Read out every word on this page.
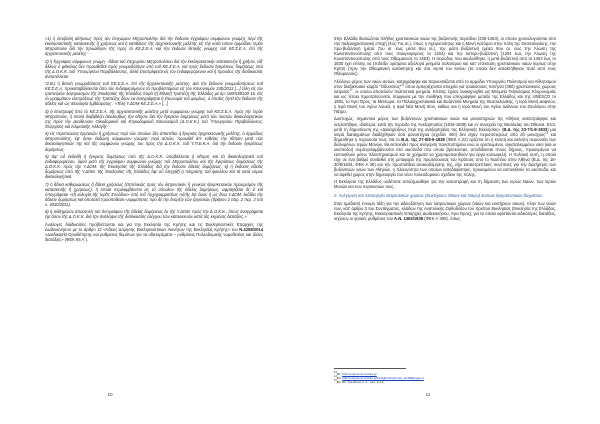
«1) ἡ ὑποβολὴ αἰτήσεως πρὸς τὸν ἐπιχώριον Μητροπολίτην διὰ τὴν ἔκδοσιν ἐγγράφου συμφώνου γνώμης περὶ τῆς ἐκκλησιαστικῆς κατασκευῆς ἢ χρήσεως καὶ ἡ κατάθεσις τῆς ἀρχιτεκτονικῆς μελέτης εἰς τὴν κατὰ τόπον ἁρμοδίαν Ἱερὰν Μητρόπολιν διὰ τὴν προώθησιν τῆς πρὸς τὸ ΚΕ.Σ.Ε.Α. καὶ τὴν ἔκδοσιν θετικῆς γνώμης τοῦ ΚΕ.Σ.Ε.Α. ἐπὶ τῆς ἀρχιτεκτονικῆς μελέτης·

2) ἡ ἔγγραφος σύμφωνος γνώμη - ἄδεια τοῦ ἐπιχωρίου Μητροπολίτου διὰ τὴν ἐκκλησιαστικὴν κατασκευὴν ἢ χρῆσιν, εἰδ' ἄλλως ὁ φάκελος δὲν προωθεῖται πρὸς γνωμοδότησιν ὑπὸ τοῦ ΚΕ.Σ.Ε.Α. καὶ πρὸς ἔκδοσιν ἐγκρίσεως δομήσεως ὑπὸ τῆς Δ.Ο.Κ.Κ. τοῦ Ὑπουργείου Περιβάλλοντος, ἀλλὰ ἐπιστρέφεται εἰς τὸν ἐνδιαφερόμενον καὶ ἡ πρόοδος τῆς διαδικασίας ἀναστέλλεται·

*2.Β.) ἡ θετικὴ γνωμοδότησις τοῦ ΚΕ.Σ.Ε.Α. ἐπὶ τῆς ἀρχιτεκτονικῆς μελέτης. Διὰ τὴν ἔκδοσιν γνωμοδοτήσεως τοῦ ΚΕ.Σ.Ε.Α. προκαταβάλλονται ἀπὸ τὸν ἐνδιαφερόμενον τὰ προβλεπόμενα εἰς τὸν Κανονισμὸν 245/2013 [...] τέλη εἰς τὸν τραπεζικὸν λογαριασμὸν τῆς Ἐκκλησίας τῆς Ἑλλάδος παρὰ τῇ Ἐθνικῇ Τραπέζῃ τῆς Ἑλλάδος μὲ ἀρ. 040/558100-16. Εἰς τὸ γραμμάτιον εἰσπράξεως τῆς Τραπέζης δέον να ἀναγράφηται ἡ ἐπωνυμία τοῦ φορέως, ὁ ὁποῖος ζητεῖ τὴν ἔκδοσιν τῆς ἀδείας καὶ ὡς αἰτιολογία ἐμβάσματος : «Τέλη Υ.ΔΟΜ-ΚΕ.Σ.Ε.Α.» [...]

3) ἡ ἐπιστροφὴ ἀπὸ τὸ ΚΕ.Σ.Ε.Α. τῆς ἀρχιτεκτονικῆς μελέτης μετὰ συμφώνου γνώμης τοῦ ΚΕ.Σ.Ε.Α. πρὸς τὴν Ἱερὰν Μητρόπολιν, ἡ ὁποία διαβιβάζει ἀκολούθως τὴν αἴτησιν διὰ τὴν ἔγκρισιν δομήσεως μετὰ τῶν λοιπῶν δικαιολογητικῶν της πρὸς τὴν Διεύθυνσιν Οἰκοδομικοῦ καὶ Κτιριοδομικοῦ Κανονισμοῦ (Δ.Ο.Κ.Κ.) τοῦ Ὑπουργείου Περιβάλλοντος, Ἐνεργείας καὶ Κλιματικῆς Ἀλλαγῆς·

4) εἰς περιπτώσεις ἐργασιῶν ἢ χρήσεως περὶ τῶν ὁποίων δὲν ἀπαιτεῖται ἡ ἔγκρισις ἀρχιτεκτονικῆς μελέτης, ὁ ἁρμόδιος Μητροπολίτης, ἐφ' ὅσον ἐκδώσῃ σύμφωνον γνώμην περὶ αὐτῶν, προωθεῖ ἀπ' εὐθείας τὴν αἴτησιν μετὰ τῶν δικαιολογητικῶν της καὶ τῆς συμφώνου γνώμης του πρὸς τὴν Δ.Ο.Κ.Κ. τοῦ Υ.Π.Ε.Κ.Α. διὰ τὴν ἔκδοσιν ἐγκρίσεως δομήσεως·

5) ἀφ' οὗ ἐκδοθῇ ἡ ἔγκρισις δομήσεως ὑπὸ τῆς Δ.Ο.Κ.Κ. ὑποβάλλεται ἡ αἴτησις καὶ τὰ δικαιολογητικὰ τοῦ ἐνδιαφερομένου, ὁμοῦ μετὰ τῆς ἐγγράφου συμφώνου γνώμης τοῦ Μητροπολίτου καὶ τῆς ἐγκρίσεως δομήσεως τῆς Δ.Ο.Κ.Κ. πρὸς τὴν Υ.ΔΟΜ. τῆς Ἐκκλησίας τῆς Ἑλλάδος διὰ τὴν ἔκδοσιν ἀδείας δομήσεως. 6) ἡ ἔκδοσις ἀδείας δομήσεως ὑπὸ τῆς Υ.ΔΟΜ. τῆς Ἐκκλησίας τῆς Ἑλλάδος ἀφ' οὗ ἐλεγχθῇ ἡ πληρότης τοῦ φακέλου καὶ τὰ κατὰ νόμον δικαιολογητικά.

7) ἡ ἄδεια καθιερώσεως ἢ ἄδεια χρήσεως (ἐπιτελικῶς πρὸς τὸν λατρευτικὸν ἢ γενικῶς θρησκευτικὸν προορισμὸν τῆς κατασκευῆς ἢ χρήσεως), ἡ ὁποία περιλαμβάνεται εἰς τὸ σύνολον τῆς ἀδείας δομήσεως, σφραγίζεται δι' ὃ καὶ ὑπογράφεται «τῇ εὐλογίᾳ τῆς Ἱερᾶς Συνόδου» ὑπὸ τοῦ Ἀρχιγραμματέως Αὐτῆς ἐφ' ὅσον ἡ ὡς ἄνω Υ.ΔΟΜ. ἐκδίδει τὴν ἄδειαν δομήσεως καὶ ἀποτελεῖ προϋπόθεσιν νομιμότητος πρὸ δὲ τὴν ἔναρξιν τῶν ἐργασιῶν (ἄρθρον 2 παρ. 2 περ. 2 τοῦ ν. 4030/2011).

8) ἡ αὐθημερὸν ἀποστολὴ τοῦ ἀντιγράφου τῆς ἀδείας δομήσεως ἐκ τῆς Υ.ΔΟΜ. πρὸς τὴν Δ.Ο.Κ.Κ., ὅπως ἀναγράφεται ἐφ' ὅσον τῆς Δ.Ο.Κ.Κ. διὰ τὴν ἀνάληψιν τῆς διαδικασίας ἐλέγχου τῶν κατασκευῶν κατὰ τὰς κειμένας διατάξεις.»

Ἀνάλογες διαδικασίες προβλέπονται και για την Εκκλησία της Κρήτης και τις Εκκλησιαστικές Επαρχίες της Δωδεκανήσου με το άρθρο 12 «Άδειες Δόμησης Εκκλησιαστικών Ακινήτων της Εκκλησίας Κρήτης» του Ν.4258/2014 «Διαδικασία Οριοθέτησης και ρυθμίσεις θεμάτων για τα υδατορέματα – ρυθμίσεις Πολεοδομικής νομοθεσίας και άλλες διατάξεις» (ΦΕΚ 94 Α΄).

10

Στην Ελλάδα διασώζεται πλήθος χριστιανικών ναών της βυζαντινής περιόδου (330-1453), οι οποίοι χρονολογούνται από την παλαιοχριστιανική εποχή (4ος-7ος αι.), όπως η Αχειροποίητος και η Μονή Λατόμου στην πόλη της Θεσσαλονίκης, την προ-βυζαντινή (μέσα 7ου αι. έως μέσα 9ου αι.), την μέση βυζαντινή (μέσα 9ου αι. έως την Άλωση της Κωνσταντινούπολης από τους σταυροφόρους το 1204) και την ύστερο-βυζαντινή (1204 έως την Άλωση της Κωνσταντινούπολης από τους Οθωμανούς το 1453). Η περίοδος που ακολούθησε, η μετά-βυζαντινή από το 1453 έως το 1830 έχει επίσης να επιδείξει ορισμένα αξιόλογα μνημεία πολιτισμού και κατ' επέκταση χριστιανικών ναών κυρίως στην Κρήτη (πριν την Οθωμανική κατάκτηση) και στα νησιά του Ιονίου (τα οποία δεν κατακτήθηκαν ποτέ από τους Οθωμανούς).

Αξιόλογο μέρος των ναών αυτών, καταγράφηκε και παρουσιάζεται από το αρμόδιο Υπουργείο Πολιτισμού και Αθλητισμού στον διαδικτυακό κόμβο "Οδυσσεύς"$^{13}$ όπου εμπεριέχονται στοιχεία για τριακόσιους πενήντα (350) χριστιανικούς χώρους λατρείας$^{14}$, οι οποίοι αποτελούν πολιτιστικά μνημεία. Επίσης έχουν ανακηρυχθεί ως Μνημεία Παγκόσμιας Κληρονομιάς και ως τέτοια προστατεύονται, σύμφωνα με την συνθήκη που υπογράφηκε μεταξύ της Ελλάδος και της UNESCO το 1981, το Άγιο Όρος, τα Μετέωρα, τα Παλαιοχριστιανικά και Βυζαντινά Μνημεία της Θεσσαλονίκης, η Ιερά Μονή Δαφνίου, η Ιερά Μονή του Αγίου Λουκά, η Ιερά Νέα Μονή Χίου, καθώς και η Ιερά Μονή του Αγίου Ιωάννου του Θεολόγου στην Πάτμο.

Δυστυχώς, σημαντικό μέρος των βυζαντινών χριστιανικών ναών και μοναστηριών της Αθήνας κατεστράφηκε και λεηλατήθηκε, ιδιαίτερα, κατά την περίοδο της Ανεξαρτησίας (1818-1838) και εν συνεχεία της Βασιλείας του Όθωνα. Έτσι, μετά τη δημοσίευση της «Διακηρύξεως περί της ανεξαρτησίας της Ελληνικής Εκκλησίας» (Β.Δ. της 23-7/1-8-1833) μια σειρά διαταγμάτων διαδέχθηκαν όσα μοναστήρια (σχεδόν 400) δεν είχαν περισσότερους από έξι μοναχούς$^{15}$ και δημεύθηκε η περιουσία τους. Με το Β.Δ. της 27-5/8-6-1836 (ΦΕΚ Α΄22) ορίζεται ότι η κινητή και ακίνητη περιουσία των διαλυμένων Ιερών Μονών, θα εκποιηθεί προς ανέγερση πανεπιστημίου ενώ οι ερειπωμένοι, εγκαταλειμμένοι ναοί (και οι οικόπεδοι) συμπεριλαμβάνονται στα οικόπεδα στα οποία βρίσκονταν, αποδίδονται στους δήμους, προκειμένου να εκποιηθούν μέσω πλειστηριασμού και τα χρήματα να χρησιμοποιηθούν για έργα κοινωφελή. Η πολιτική αυτή, η οποία είχε σε ένα βαθμό συνδεθεί στη μεταφορά της πρωτεύουσας του Κράτους από το Ναύπλιο στην Αθήνα (Β.Δ. της 18-30/9/1834, ΦΕΚ Α΄36) και την προσπάθεια ανοικοδόμησης της, είχε καταστρεπτικές συνέπειες για την διατήρηση των βυζαντινών ναών των Αθηνών, η πλειονότητα των οποίων κατεδαφίστηκε, προκειμένου να εκποιηθούν τα οικόπεδα, και να αφεθεί χώρος στην δημιουργία του νέου πολεοδομικού σχεδίου της πόλης.

Η Εκκλησία της Ελλάδος ουδέποτε αποζημιώθηκε για την καταστροφή και τη δήμευση των Ιερών Ναών, των Ιερών Μονών και των περιουσιών τους.

2. Ανέγερση και Λειτουργία λατρευτικών χώρων (Ευκτήριων Οίκων και Ναών) λοιπών θρησκευτικών δογμάτων

Στην ημεδαπή έννομη τάξη για την αδειοδότηση των λατρευτικών χώρων (ναών και ευκτήριων οίκων), πλην των ναών των, κατ' άρθρο 3 του Συντάγματος, κλάδων της Ανατολικής Ορθοδόξου του Χριστού Εκκλησίας (Εκκλησία της Ελλάδος, Εκκλησία της Κρήτης, Εκκλησιαστικές Επαρχίες Δωδεκανήσου, Άγιο Όρος), για τα οποία υφίστανται ειδικότερες διατάξεις, ισχύουν οι γενικές ρυθμίσεις του Α.Ν. 1363/1938 (ΦΕΚ Α΄305), όπως

$^{13}$Βλ. http://odysseus.culture.gr

$^{14}$Βλ. http://odysseus.culture.gr/h/2/gh240.jsp?obj_id=88&page=1

$^{15}$Βλ. Σπ. Τρωιάνος ό. π., σελ. 2.1.4.

11
